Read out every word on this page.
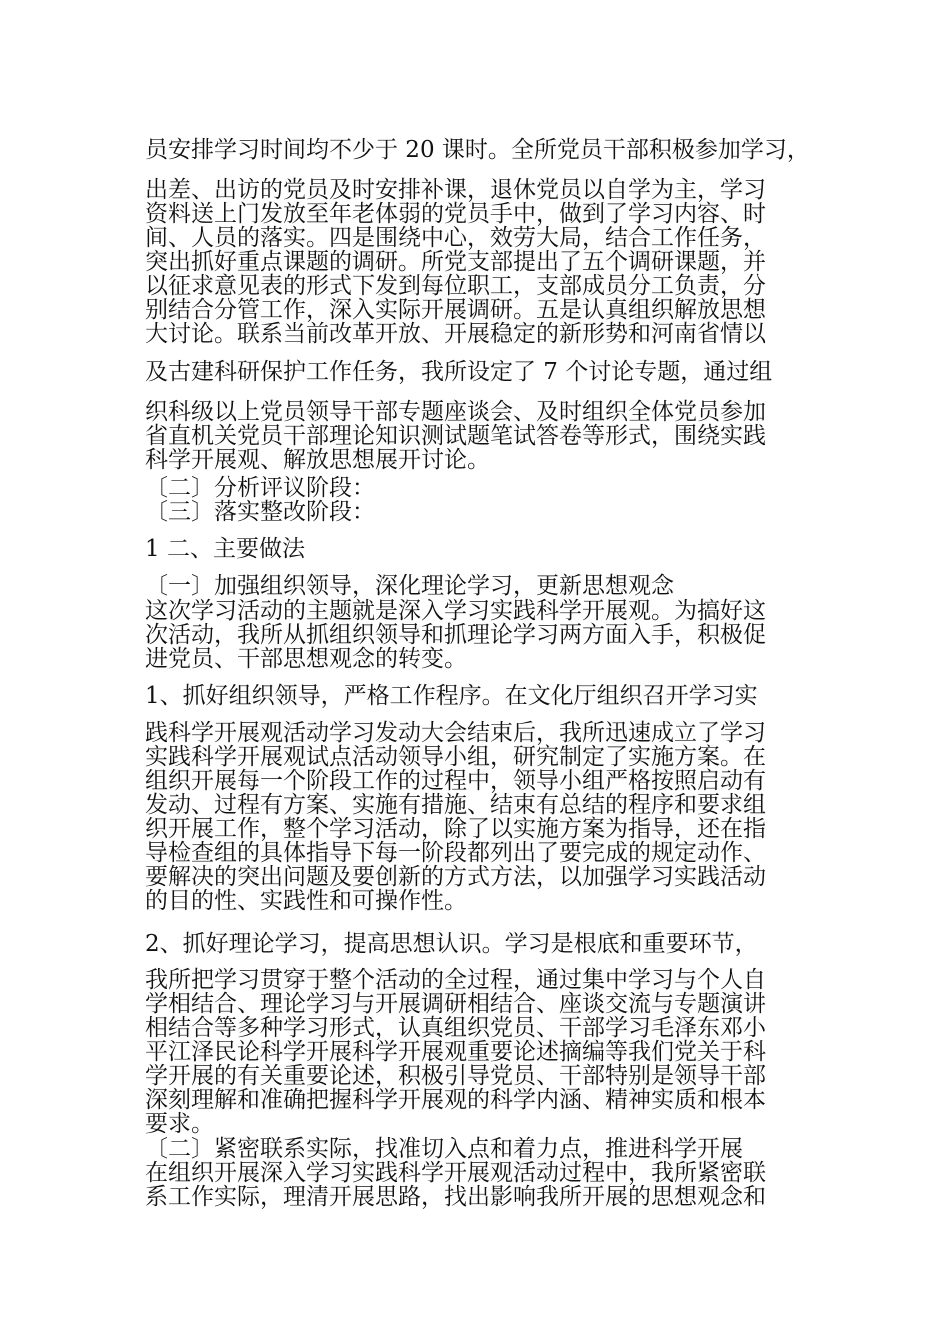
员安排学习时间均不少于 20 课时。全所党员干部积极参加学习，
出差、出访的党员及时安排补课，退休党员以自学为主，学习
资料送上门发放至年老体弱的党员手中，做到了学习内容、时
间、人员的落实。四是围绕中心，效劳大局，结合工作任务，
突出抓好重点课题的调研。所党支部提出了五个调研课题，并
以征求意见表的形式下发到每位职工，支部成员分工负责，分
别结合分管工作，深入实际开展调研。五是认真组织解放思想
大讨论。联系当前改革开放、开展稳定的新形势和河南省情以
及古建科研保护工作任务，我所设定了 7 个讨论专题，通过组
织科级以上党员领导干部专题座谈会、及时组织全体党员参加
省直机关党员干部理论知识测试题笔试答卷等形式，围绕实践
科学开展观、解放思想展开讨论。
〔二〕分析评议阶段：
〔三〕落实整改阶段：
1 二、主要做法
〔一〕加强组织领导，深化理论学习，更新思想观念
这次学习活动的主题就是深入学习实践科学开展观。为搞好这
次活动，我所从抓组织领导和抓理论学习两方面入手，积极促
进党员、干部思想观念的转变。
1、抓好组织领导，严格工作程序。在文化厅组织召开学习实
践科学开展观活动学习发动大会结束后，我所迅速成立了学习
实践科学开展观试点活动领导小组，研究制定了实施方案。在
组织开展每一个阶段工作的过程中，领导小组严格按照启动有
发动、过程有方案、实施有措施、结束有总结的程序和要求组
织开展工作，整个学习活动，除了以实施方案为指导，还在指
导检查组的具体指导下每一阶段都列出了要完成的规定动作、
要解决的突出问题及要创新的方式方法，以加强学习实践活动
的目的性、实践性和可操作性。
2、抓好理论学习，提高思想认识。学习是根底和重要环节，
我所把学习贯穿于整个活动的全过程，通过集中学习与个人自
学相结合、理论学习与开展调研相结合、座谈交流与专题演讲
相结合等多种学习形式，认真组织党员、干部学习毛泽东邓小
平江泽民论科学开展科学开展观重要论述摘编等我们党关于科
学开展的有关重要论述，积极引导党员、干部特别是领导干部
深刻理解和准确把握科学开展观的科学内涵、精神实质和根本
要求。
〔二〕紧密联系实际，找准切入点和着力点，推进科学开展
在组织开展深入学习实践科学开展观活动过程中，我所紧密联
系工作实际，理清开展思路，找出影响我所开展的思想观念和
